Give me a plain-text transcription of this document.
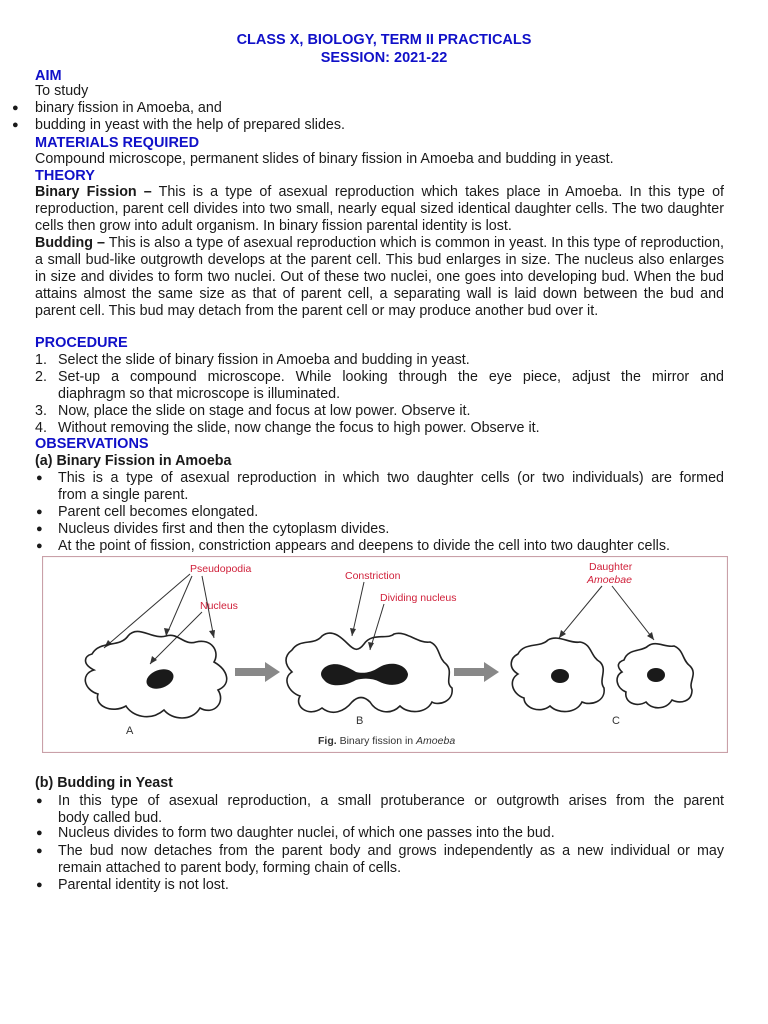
CLASS X, BIOLOGY, TERM II PRACTICALS
SESSION: 2021-22
AIM
To study
● binary fission in Amoeba, and
● budding in yeast with the help of prepared slides.
MATERIALS REQUIRED
Compound microscope, permanent slides of binary fission in Amoeba and budding in yeast.
THEORY
Binary Fission – This is a type of asexual reproduction which takes place in Amoeba. In this type of reproduction, parent cell divides into two small, nearly equal sized identical daughter cells. The two daughter cells then grow into adult organism. In binary fission parental identity is lost.
Budding – This is also a type of asexual reproduction which is common in yeast. In this type of reproduction, a small bud-like outgrowth develops at the parent cell. This bud enlarges in size. The nucleus also enlarges in size and divides to form two nuclei. Out of these two nuclei, one goes into developing bud. When the bud attains almost the same size as that of parent cell, a separating wall is laid down between the bud and parent cell. This bud may detach from the parent cell or may produce another bud over it.
PROCEDURE
1. Select the slide of binary fission in Amoeba and budding in yeast.
2. Set-up a compound microscope. While looking through the eye piece, adjust the mirror and
diaphragm so that microscope is illuminated.
3. Now, place the slide on stage and focus at low power. Observe it.
4. Without removing the slide, now change the focus to high power. Observe it.
OBSERVATIONS
(a) Binary Fission in Amoeba
● This is a type of asexual reproduction in which two daughter cells (or two individuals) are formed
from a single parent.
● Parent cell becomes elongated.
● Nucleus divides first and then the cytoplasm divides.
● At the point of fission, constriction appears and deepens to divide the cell into two daughter cells.
Pseudopodia
Nucleus
Constriction
Dividing nucleus
Daughter
Amoebae
A
B	C
Fig. Binary fission in Amoeba
(b) Budding in Yeast
● In this type of asexual reproduction, a small protuberance or outgrowth arises from the parent
body called bud.
● Nucleus divides to form two daughter nuclei, of which one passes into the bud.
● The bud now detaches from the parent body and grows independently as a new individual or may
remain attached to parent body, forming chain of cells.
● Parental identity is not lost.
